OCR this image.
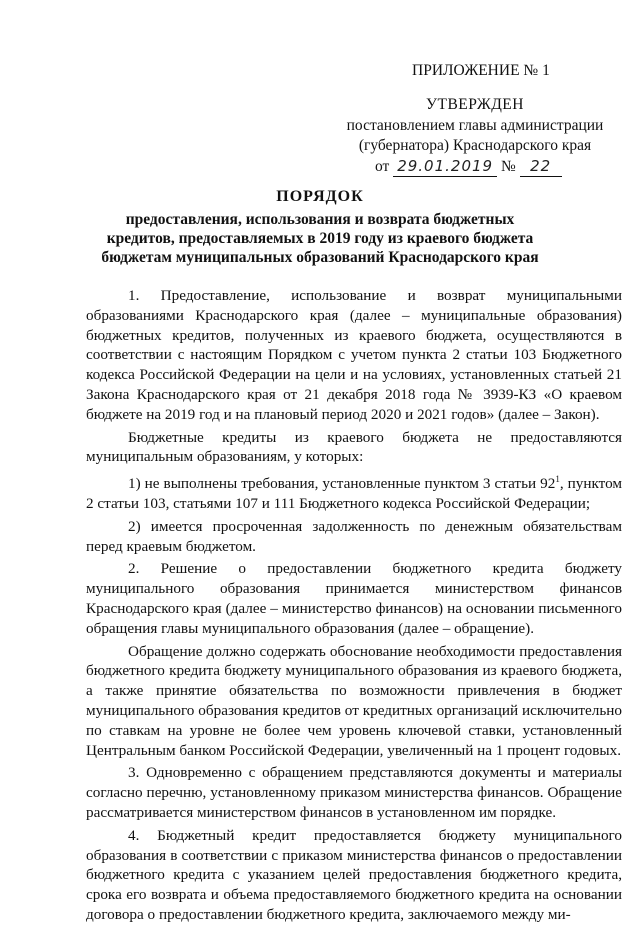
ПРИЛОЖЕНИЕ № 1
УТВЕРЖДЕН
постановлением главы администрации
(губернатора) Краснодарского края
от 29.01.2019 № 22
ПОРЯДОК
предоставления, использования и возврата бюджетных
кредитов, предоставляемых в 2019 году из краевого бюджета
бюджетам муниципальных образований Краснодарского края

1. Предоставление, использование и возврат муниципальными образованиями Краснодарского края (далее – муниципальные образования) бюджетных кредитов, полученных из краевого бюджета, осуществляются в соответствии с настоящим Порядком с учетом пункта 2 статьи 103 Бюджетного кодекса Российской Федерации на цели и на условиях, установленных статьей 21 Закона Краснодарского края от 21 декабря 2018 года № 3939-КЗ «О краевом бюджете на 2019 год и на плановый период 2020 и 2021 годов» (далее – Закон).

Бюджетные кредиты из краевого бюджета не предоставляются муниципальным образованиям, у которых:

1) не выполнены требования, установленные пунктом 3 статьи $92^1$, пунктом 2 статьи 103, статьями 107 и 111 Бюджетного кодекса Российской Федерации;

2) имеется просроченная задолженность по денежным обязательствам перед краевым бюджетом.

2. Решение о предоставлении бюджетного кредита бюджету муниципального образования принимается министерством финансов Краснодарского края (далее – министерство финансов) на основании письменного обращения главы муниципального образования (далее – обращение).

Обращение должно содержать обоснование необходимости предоставления бюджетного кредита бюджету муниципального образования из краевого бюджета, а также принятие обязательства по возможности привлечения в бюджет муниципального образования кредитов от кредитных организаций исключительно по ставкам на уровне не более чем уровень ключевой ставки, установленный Центральным банком Российской Федерации, увеличенный на 1 процент годовых.

3. Одновременно с обращением представляются документы и материалы согласно перечню, установленному приказом министерства финансов. Обращение рассматривается министерством финансов в установленном им порядке.

4. Бюджетный кредит предоставляется бюджету муниципального образования в соответствии с приказом министерства финансов о предоставлении бюджетного кредита с указанием целей предоставления бюджетного кредита, срока его возврата и объема предоставляемого бюджетного кредита на основании договора о предоставлении бюджетного кредита, заключаемого между ми-
